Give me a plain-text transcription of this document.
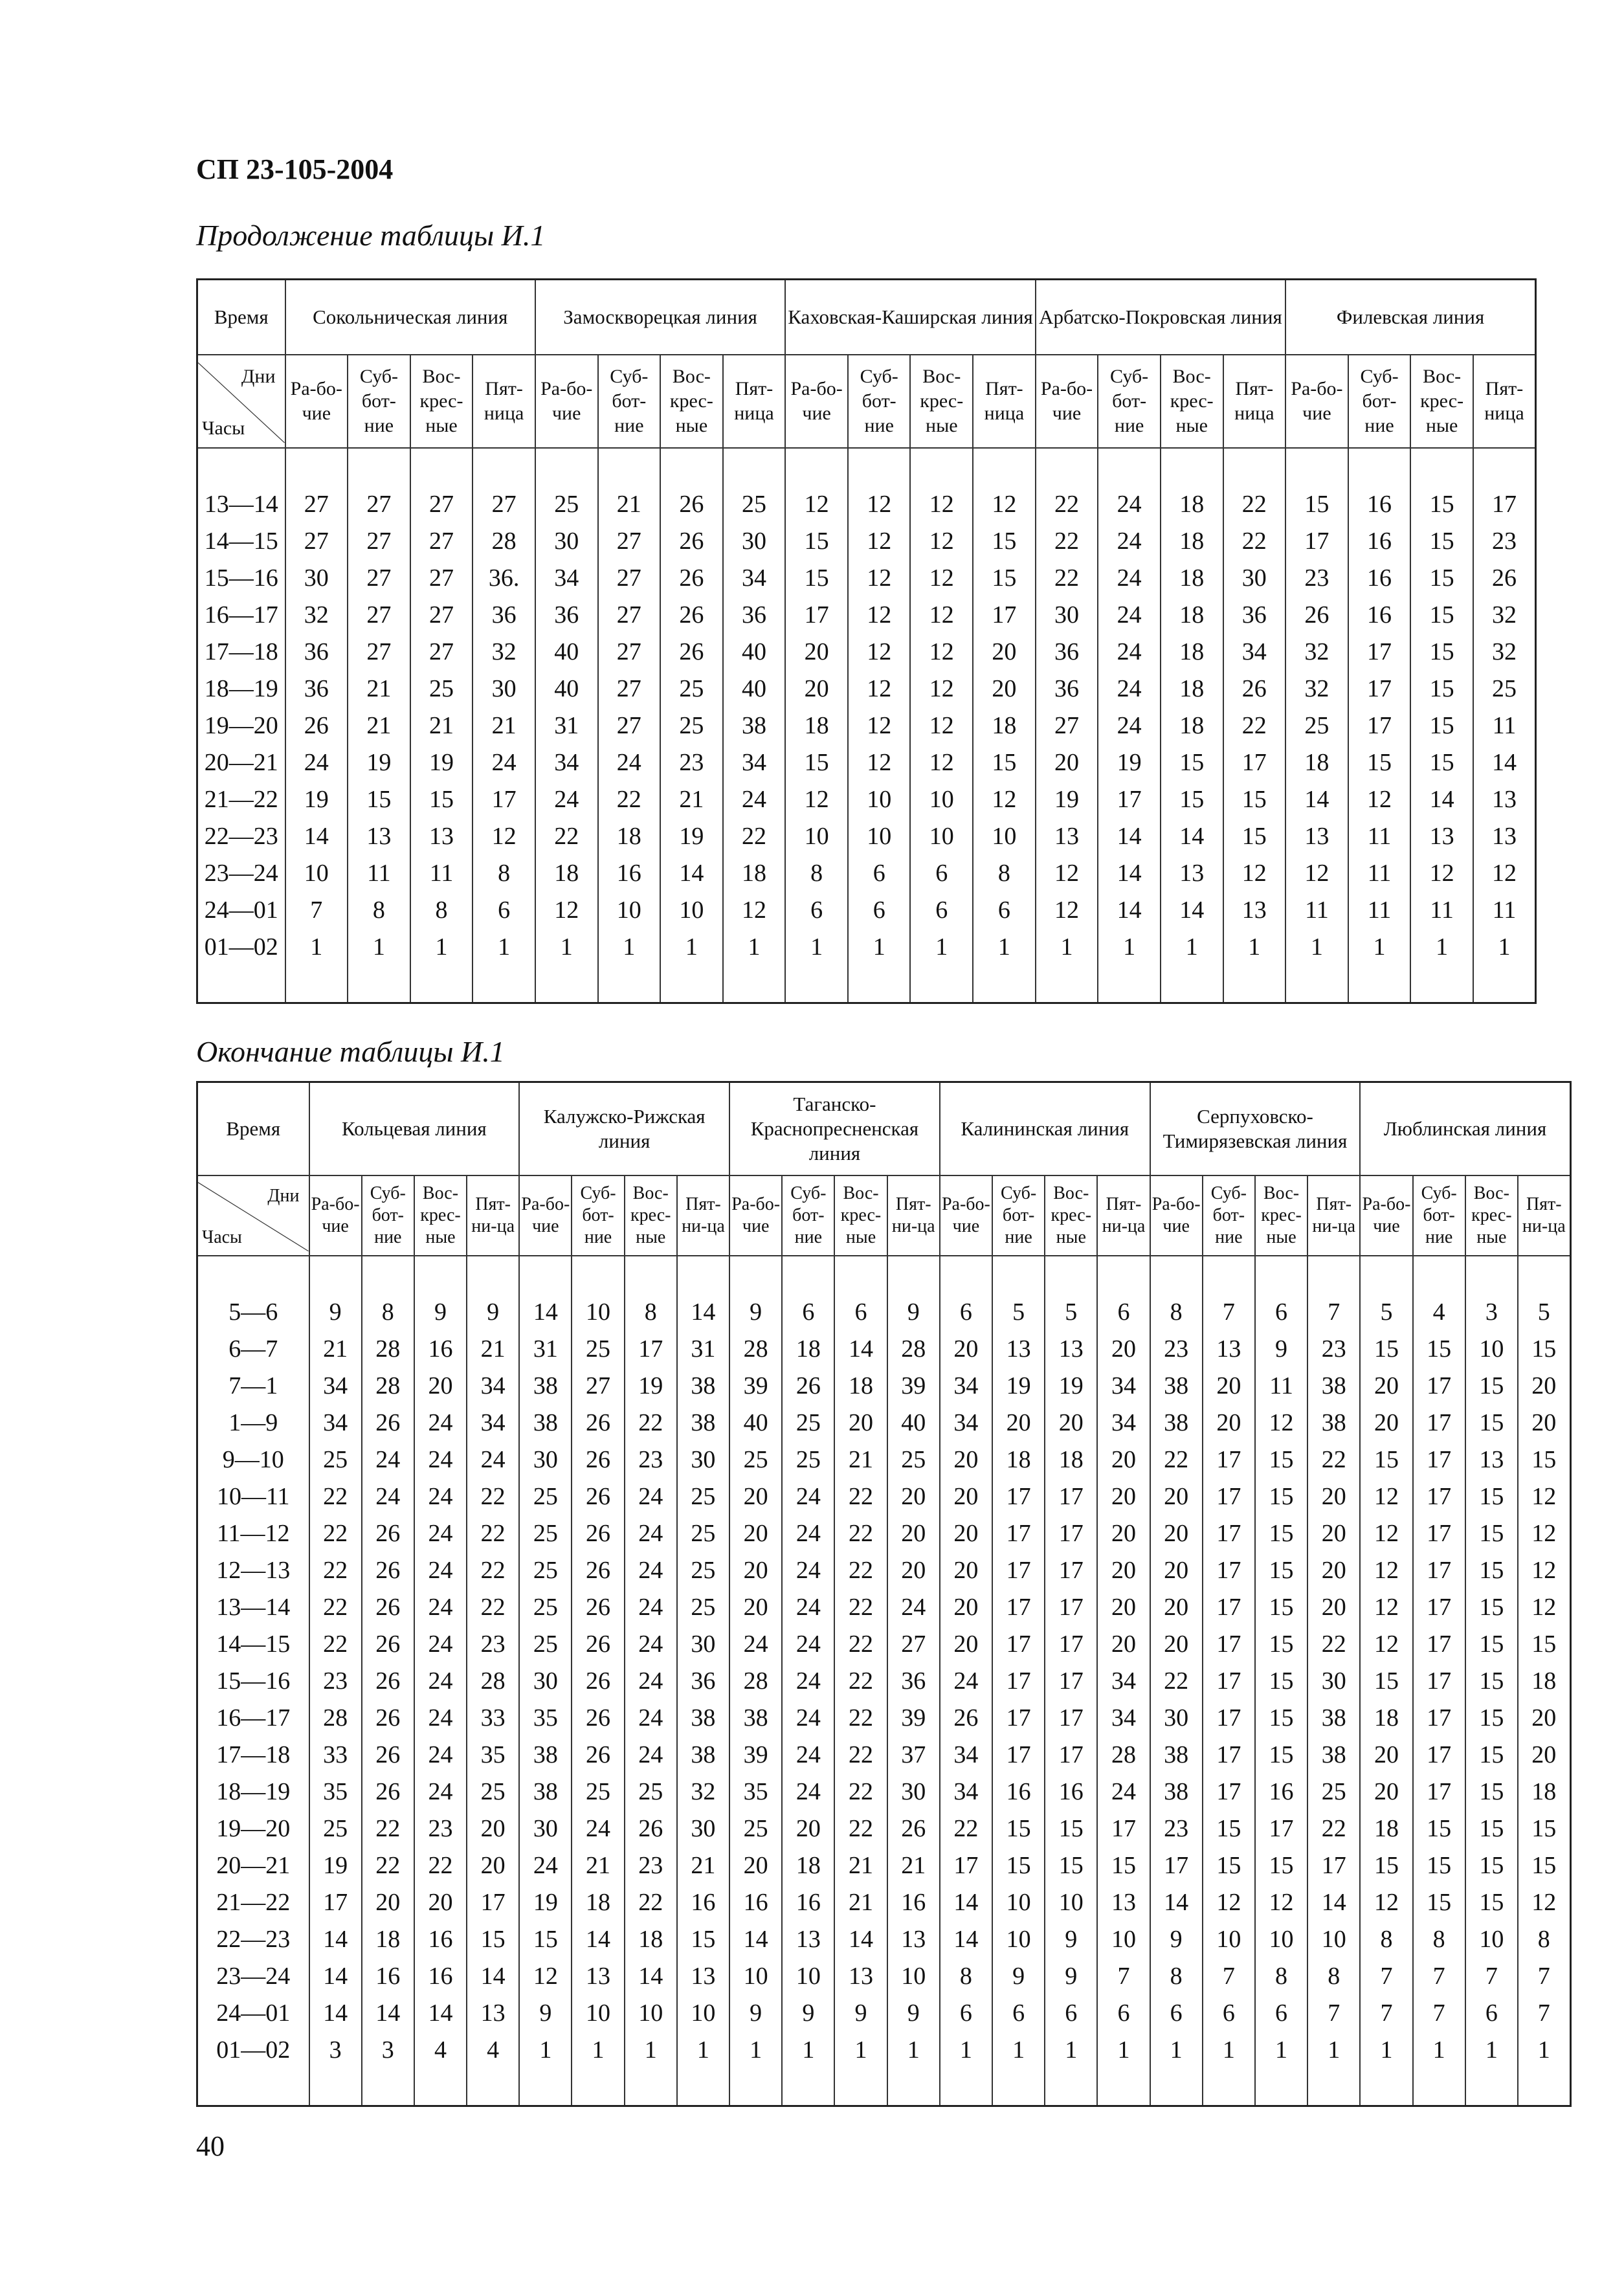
СП 23-105-2004

Продолжение таблицы И.1

Время	Сокольническая линия				Замоскворецкая линия				Каховская-Каширская линия				Арбатско-Покровская линия				Филевская линия			

Дни
Часы	Ра-бо-чие	Суб-бот-ние	Вос-крес-ные	Пят-ница	Ра-бо-чие	Суб-бот-ние	Вос-крес-ные	Пят-ница	Ра-бо-чие	Суб-бот-ние	Вос-крес-ные	Пят-ница	Ра-бо-чие	Суб-бот-ние	Вос-крес-ные	Пят-ница	Ра-бо-чие	Суб-бот-ние	Вос-крес-ные	Пят-ница

13—14	27	27	27	27	25	21	26	25	12	12	12	12	22	24	18	22	15	16	15	17
14—15	27	27	27	28	30	27	26	30	15	12	12	15	22	24	18	22	17	16	15	23
15—16	30	27	27	36.	34	27	26	34	15	12	12	15	22	24	18	30	23	16	15	26
16—17	32	27	27	36	36	27	26	36	17	12	12	17	30	24	18	36	26	16	15	32
17—18	36	27	27	32	40	27	26	40	20	12	12	20	36	24	18	34	32	17	15	32
18—19	36	21	25	30	40	27	25	40	20	12	12	20	36	24	18	26	32	17	15	25
19—20	26	21	21	21	31	27	25	38	18	12	12	18	27	24	18	22	25	17	15	11
20—21	24	19	19	24	34	24	23	34	15	12	12	15	20	19	15	17	18	15	15	14
21—22	19	15	15	17	24	22	21	24	12	10	10	12	19	17	15	15	14	12	14	13
22—23	14	13	13	12	22	18	19	22	10	10	10	10	13	14	14	15	13	11	13	13
23—24	10	11	11	8	18	16	14	18	8	6	6	8	12	14	13	12	12	11	12	12
24—01	7	8	8	6	12	10	10	12	6	6	6	6	12	14	14	13	11	11	11	11
01—02	1	1	1	1	1	1	1	1	1	1	1	1	1	1	1	1	1	1	1	1

Окончание таблицы И.1

Время	Кольцевая линия				Калужско-Рижская линия				Таганско-Краснопресненская линия				Калининская линия				Серпуховско-Тимирязевская линия				Люблинская линия			

Дни
Часы	Ра-бо-чие	Суб-бот-ние	Вос-крес-ные	Пят-ни-ца	Ра-бо-чие	Суб-бот-ние	Вос-крес-ные	Пят-ни-ца	Ра-бо-чие	Суб-бот-ние	Вос-крес-ные	Пят-ни-ца	Ра-бо-чие	Суб-бот-ние	Вос-крес-ные	Пят-ни-ца	Ра-бо-чие	Суб-бот-ние	Вос-крес-ные	Пят-ни-ца	Ра-бо-чие	Суб-бот-ние	Вос-крес-ные	Пят-ни-ца

5—6	9	8	9	9	14	10	8	14	9	6	6	9	6	5	5	6	8	7	6	7	5	4	3	5
6—7	21	28	16	21	31	25	17	31	28	18	14	28	20	13	13	20	23	13	9	23	15	15	10	15
7—1	34	28	20	34	38	27	19	38	39	26	18	39	34	19	19	34	38	20	11	38	20	17	15	20
1—9	34	26	24	34	38	26	22	38	40	25	20	40	34	20	20	34	38	20	12	38	20	17	15	20
9—10	25	24	24	24	30	26	23	30	25	25	21	25	20	18	18	20	22	17	15	22	15	17	13	15
10—11	22	24	24	22	25	26	24	25	20	24	22	20	20	17	17	20	20	17	15	20	12	17	15	12
11—12	22	26	24	22	25	26	24	25	20	24	22	20	20	17	17	20	20	17	15	20	12	17	15	12
12—13	22	26	24	22	25	26	24	25	20	24	22	20	20	17	17	20	20	17	15	20	12	17	15	12
13—14	22	26	24	22	25	26	24	25	20	24	22	24	20	17	17	20	20	17	15	20	12	17	15	12
14—15	22	26	24	23	25	26	24	30	24	24	22	27	20	17	17	20	20	17	15	22	12	17	15	15
15—16	23	26	24	28	30	26	24	36	28	24	22	36	24	17	17	34	22	17	15	30	15	17	15	18
16—17	28	26	24	33	35	26	24	38	38	24	22	39	26	17	17	34	30	17	15	38	18	17	15	20
17—18	33	26	24	35	38	26	24	38	39	24	22	37	34	17	17	28	38	17	15	38	20	17	15	20
18—19	35	26	24	25	38	25	25	32	35	24	22	30	34	16	16	24	38	17	16	25	20	17	15	18
19—20	25	22	23	20	30	24	26	30	25	20	22	26	22	15	15	17	23	15	17	22	18	15	15	15
20—21	19	22	22	20	24	21	23	21	20	18	21	21	17	15	15	15	17	15	15	17	15	15	15	15
21—22	17	20	20	17	19	18	22	16	16	16	21	16	14	10	10	13	14	12	12	14	12	15	15	12
22—23	14	18	16	15	15	14	18	15	14	13	14	13	14	10	9	10	9	10	10	10	8	8	10	8
23—24	14	16	16	14	12	13	14	13	10	10	13	10	8	9	9	7	8	7	8	8	7	7	7	7
24—01	14	14	14	13	9	10	10	10	9	9	9	9	6	6	6	6	6	6	6	7	7	7	6	7
01—02	3	3	4	4	1	1	1	1	1	1	1	1	1	1	1	1	1	1	1	1	1	1	1	1

40
